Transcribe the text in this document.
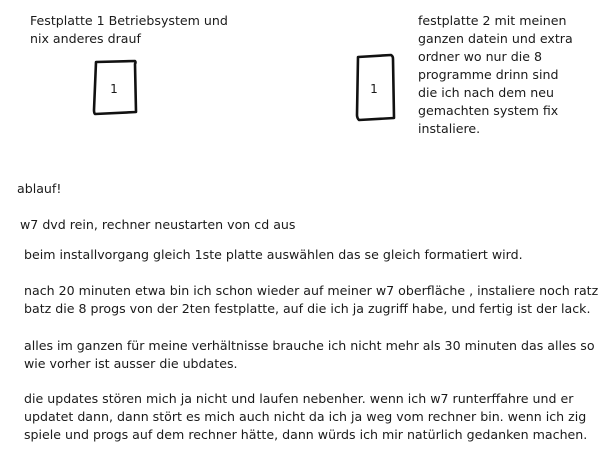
Festplatte 1 Betriebsystem und
nix anderes drauf
1	1
festplatte 2 mit meinen
ganzen datein und extra
ordner wo nur die 8
programme drinn sind
die ich nach dem neu
gemachten system fix
instaliere.
ablauf!
w7 dvd rein, rechner neustarten von cd aus
beim installvorgang gleich 1ste platte auswählen das se gleich formatiert wird.
nach 20 minuten etwa bin ich schon wieder auf meiner w7 oberfläche , instaliere noch ratz
batz die 8 progs von der 2ten festplatte, auf die ich ja zugriff habe, und fertig ist der lack.
alles im ganzen für meine verhältnisse brauche ich nicht mehr als 30 minuten das alles so
wie vorher ist ausser die ubdates.
die updates stören mich ja nicht und laufen nebenher. wenn ich w7 runterffahre und er
updatet dann, dann stört es mich auch nicht da ich ja weg vom rechner bin. wenn ich zig
spiele und progs auf dem rechner hätte, dann würds ich mir natürlich gedanken machen.
